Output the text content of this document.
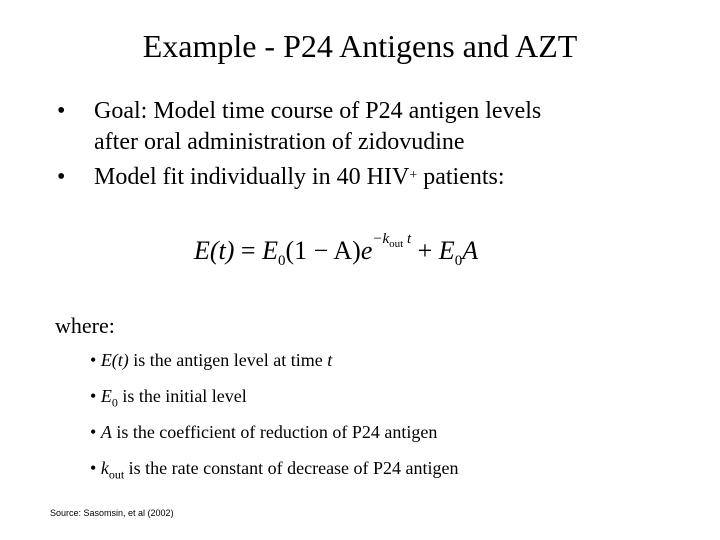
Example - P24 Antigens and AZT
• Goal: Model time course of P24 antigen levels
after oral administration of zidovudine
• Model fit individually in 40 HIV+ patients:
$E(t) = E_0(1 - A)e^{-k_{out} t} + E_0A$
where:
• E(t) is the antigen level at time t
• $E_0$ is the initial level
• A is the coefficient of reduction of P24 antigen
• $k_{out}$ is the rate constant of decrease of P24 antigen
Source: Sasomsin, et al (2002)
